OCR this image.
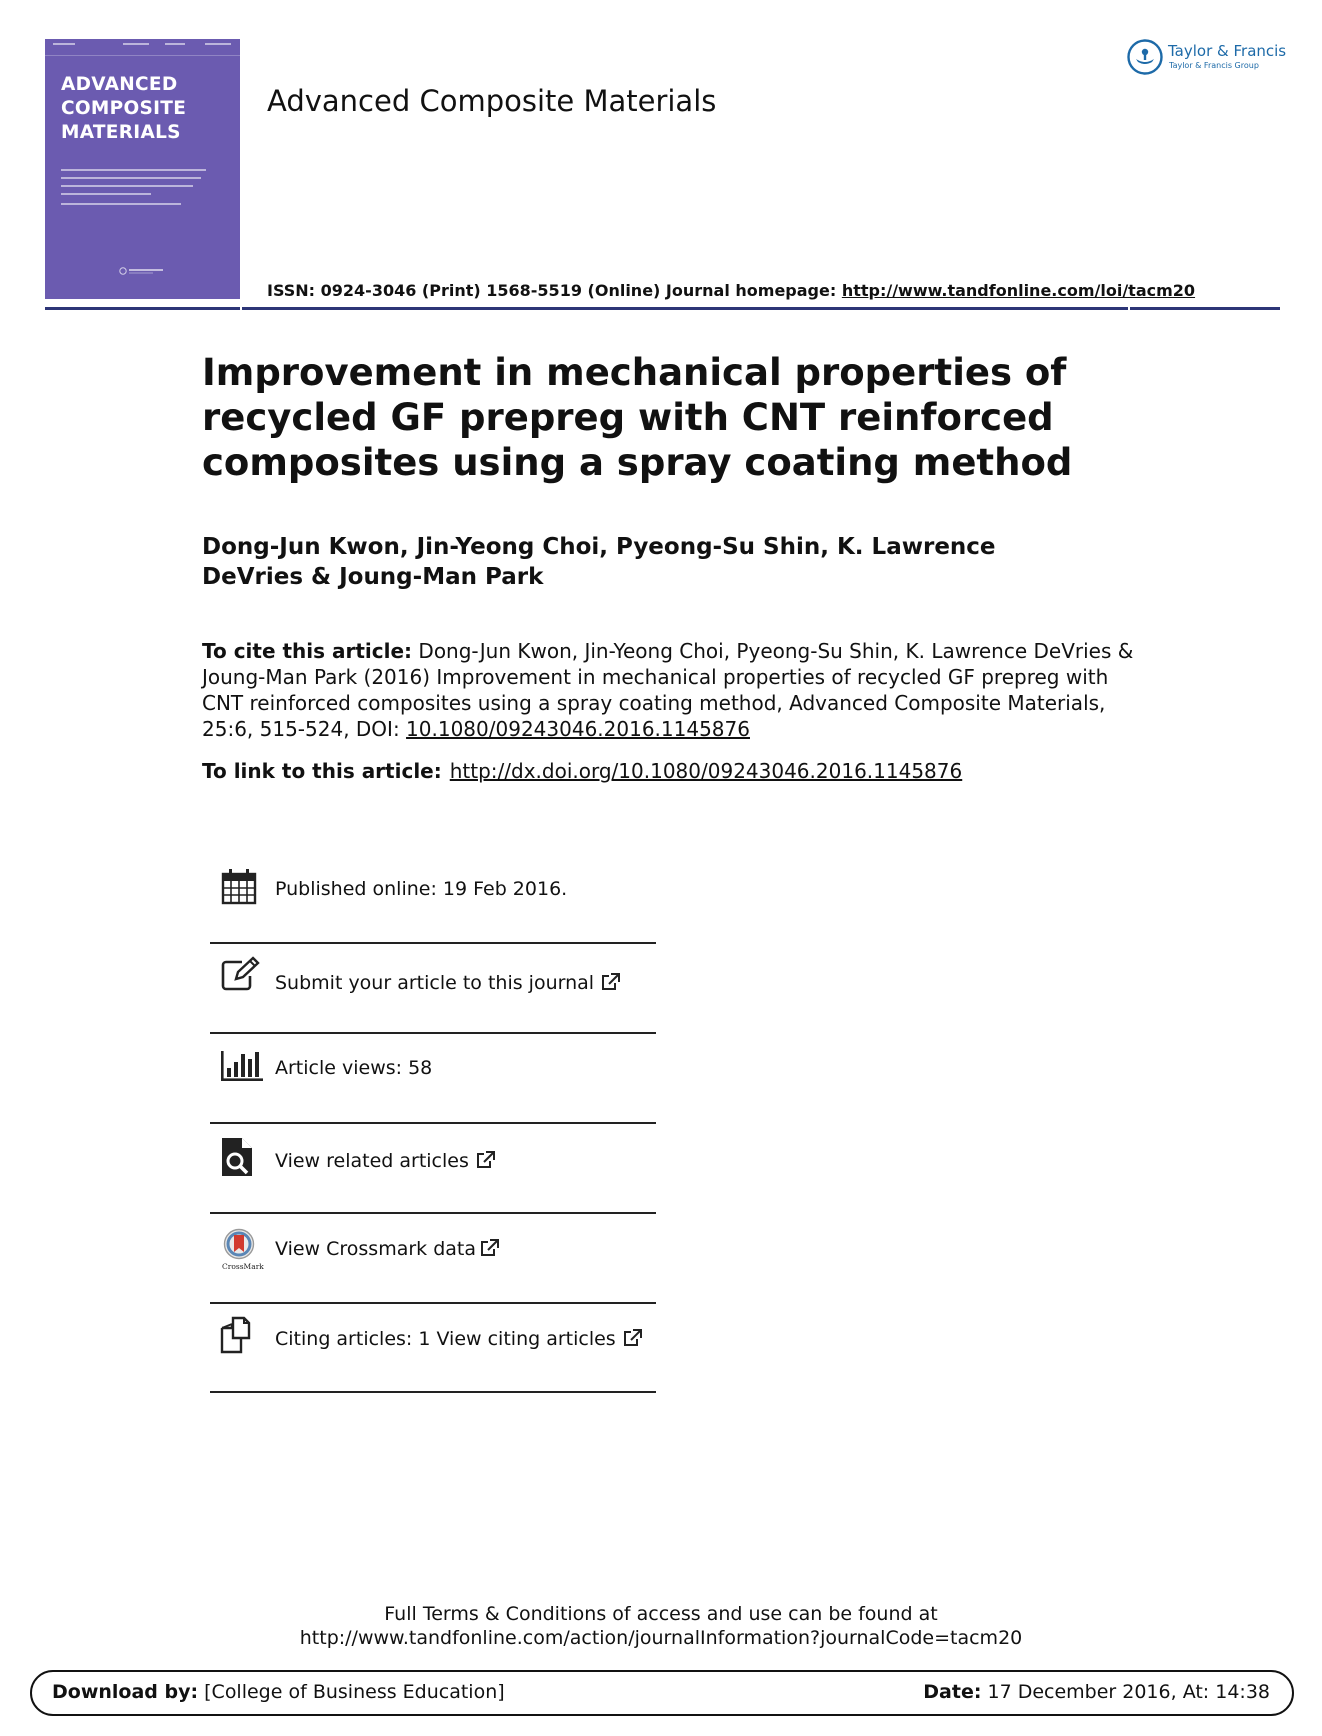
ADVANCED COMPOSITE MATERIALS
Advanced Composite Materials
Taylor & Francis
Taylor & Francis Group
ISSN: 0924-3046 (Print) 1568-5519 (Online) Journal homepage: http://www.tandfonline.com/loi/tacm20
Improvement in mechanical properties of recycled GF prepreg with CNT reinforced composites using a spray coating method
Dong-Jun Kwon, Jin-Yeong Choi, Pyeong-Su Shin, K. Lawrence DeVries & Joung-Man Park
To cite this article: Dong-Jun Kwon, Jin-Yeong Choi, Pyeong-Su Shin, K. Lawrence DeVries & Joung-Man Park (2016) Improvement in mechanical properties of recycled GF prepreg with CNT reinforced composites using a spray coating method, Advanced Composite Materials, 25:6, 515-524, DOI: 10.1080/09243046.2016.1145876
To link to this article: http://dx.doi.org/10.1080/09243046.2016.1145876
Published online: 19 Feb 2016.
Submit your article to this journal
Article views: 58
View related articles
CrossMark
View Crossmark data
Citing articles: 1 View citing articles
Full Terms & Conditions of access and use can be found at
http://www.tandfonline.com/action/journalInformation?journalCode=tacm20
Download by: [College of Business Education]	Date: 17 December 2016, At: 14:38
